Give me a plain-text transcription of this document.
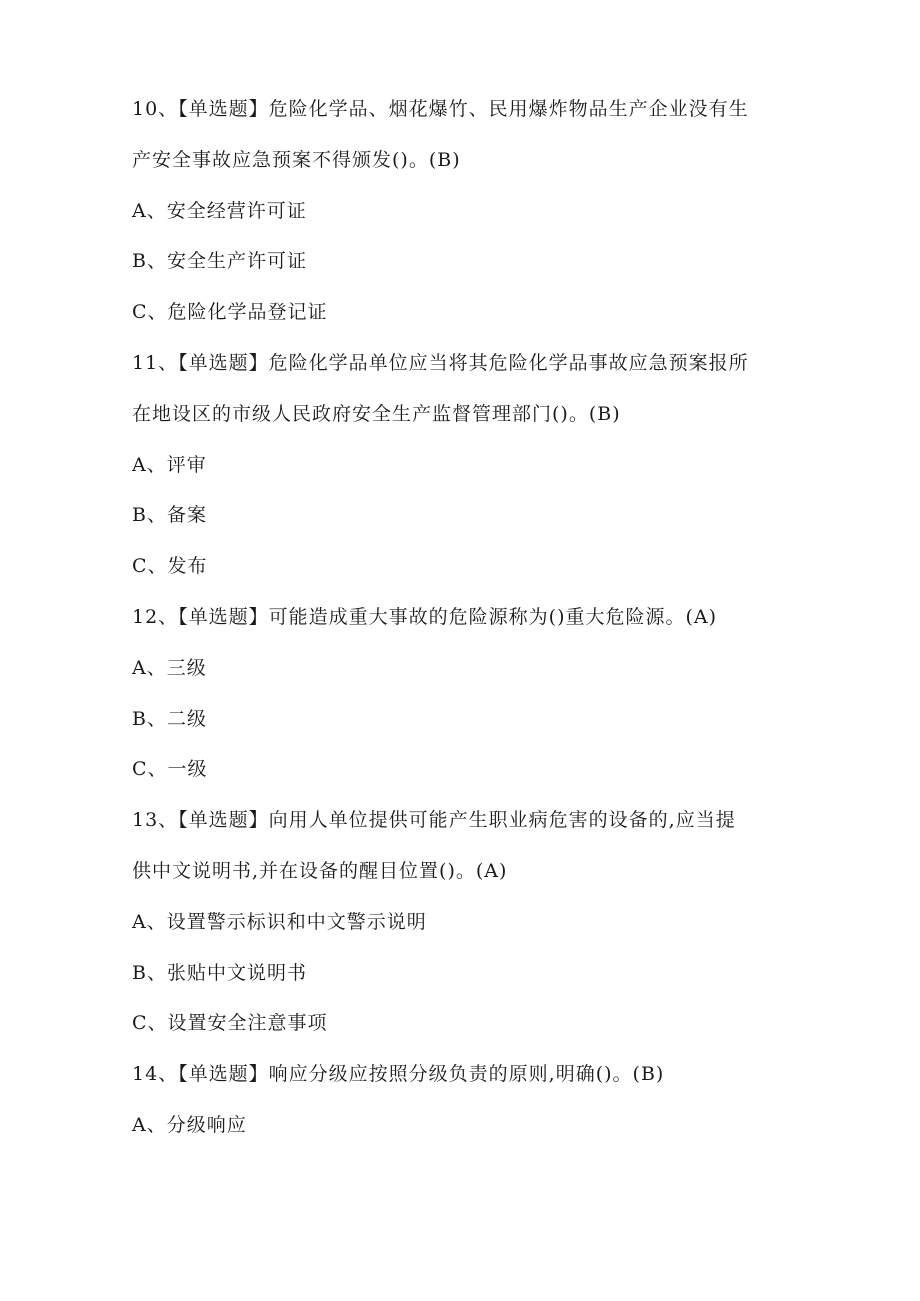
10、【单选题】危险化学品、烟花爆竹、民用爆炸物品生产企业没有生
产安全事故应急预案不得颁发()。(B)
A、安全经营许可证
B、安全生产许可证
C、危险化学品登记证
11、【单选题】危险化学品单位应当将其危险化学品事故应急预案报所
在地设区的市级人民政府安全生产监督管理部门()。(B)
A、评审
B、备案
C、发布
12、【单选题】可能造成重大事故的危险源称为()重大危险源。(A)
A、三级
B、二级
C、一级
13、【单选题】向用人单位提供可能产生职业病危害的设备的,应当提
供中文说明书,并在设备的醒目位置()。(A)
A、设置警示标识和中文警示说明
B、张贴中文说明书
C、设置安全注意事项
14、【单选题】响应分级应按照分级负责的原则,明确()。(B)
A、分级响应
